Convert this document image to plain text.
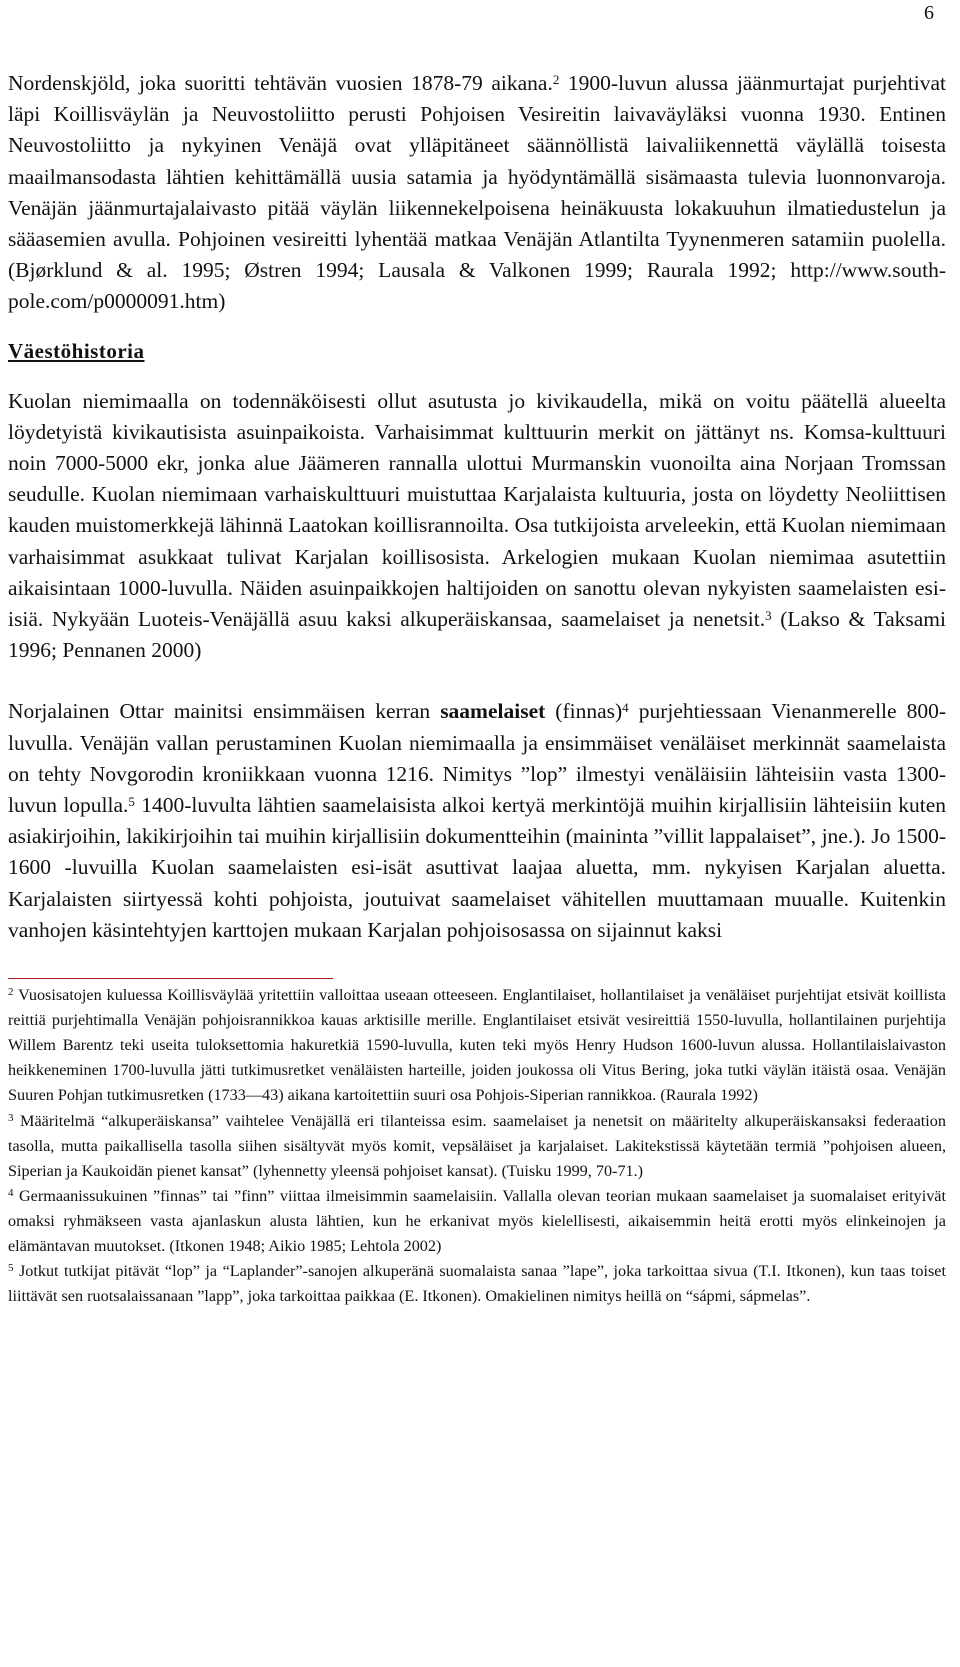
6

Nordenskjöld, joka suoritti tehtävän vuosien 1878-79 aikana.$^2$ 1900-luvun alussa jäänmurtajat purjehtivat läpi Koillisväylän ja Neuvostoliitto perusti Pohjoisen Vesireitin laivaväyläksi vuonna 1930. Entinen Neuvostoliitto ja nykyinen Venäjä ovat ylläpitäneet säännöllistä laivaliikennettä väylällä toisesta maailmansodasta lähtien kehittämällä uusia satamia ja hyödyntämällä sisämaasta tulevia luonnonvaroja. Venäjän jäänmurtajalaivasto pitää väylän liikennekelpoisena heinäkuusta lokakuuhun ilmatiedustelun ja sääasemien avulla. Pohjoinen vesireitti lyhentää matkaa Venäjän Atlantilta Tyynenmeren satamiin puolella. (Bjørklund & al. 1995; Østren 1994; Lausala & Valkonen 1999; Raurala 1992; http://www.south-pole.com/p0000091.htm)

Väestöhistoria

Kuolan niemimaalla on todennäköisesti ollut asutusta jo kivikaudella, mikä on voitu päätellä alueelta löydetyistä kivikautisista asuinpaikoista. Varhaisimmat kulttuurin merkit on jättänyt ns. Komsa-kulttuuri noin 7000-5000 ekr, jonka alue Jäämeren rannalla ulottui Murmanskin vuonoilta aina Norjaan Tromssan seudulle. Kuolan niemimaan varhaiskulttuuri muistuttaa Karjalaista kultuuria, josta on löydetty Neoliittisen kauden muistomerkkejä lähinnä Laatokan koillisrannoilta. Osa tutkijoista arveleekin, että Kuolan niemimaan varhaisimmat asukkaat tulivat Karjalan koillisosista. Arkelogien mukaan Kuolan niemimaa asutettiin aikaisintaan 1000-luvulla. Näiden asuinpaikkojen haltijoiden on sanottu olevan nykyisten saamelaisten esi-isiä. Nykyään Luoteis-Venäjällä asuu kaksi alkuperäiskansaa, saamelaiset ja nenetsit.$^3$ (Lakso & Taksami 1996; Pennanen 2000)

Norjalainen Ottar mainitsi ensimmäisen kerran saamelaiset (finnas)$^4$ purjehtiessaan Vienanmerelle 800-luvulla. Venäjän vallan perustaminen Kuolan niemimaalla ja ensimmäiset venäläiset merkinnät saamelaista on tehty Novgorodin kroniikkaan vuonna 1216. Nimitys ”lop” ilmestyi venäläisiin lähteisiin vasta 1300-luvun lopulla.$^5$ 1400-luvulta lähtien saamelaisista alkoi kertyä merkintöjä muihin kirjallisiin lähteisiin kuten asiakirjoihin, lakikirjoihin tai muihin kirjallisiin dokumentteihin (maininta ”villit lappalaiset”, jne.). Jo 1500-1600 -luvuilla Kuolan saamelaisten esi-isät asuttivat laajaa aluetta, mm. nykyisen Karjalan aluetta. Karjalaisten siirtyessä kohti pohjoista, joutuivat saamelaiset vähitellen muuttamaan muualle. Kuitenkin vanhojen käsintehtyjen karttojen mukaan Karjalan pohjoisosassa on sijainnut kaksi

$^2$ Vuosisatojen kuluessa Koillisväylää yritettiin valloittaa useaan otteeseen. Englantilaiset, hollantilaiset ja venäläiset purjehtijat etsivät koillista reittiä purjehtimalla Venäjän pohjoisrannikkoa kauas arktisille merille. Englantilaiset etsivät vesireittiä 1550-luvulla, hollantilainen purjehtija Willem Barentz teki useita tuloksettomia hakuretkiä 1590-luvulla, kuten teki myös Henry Hudson 1600-luvun alussa. Hollantilaislaivaston heikkeneminen 1700-luvulla jätti tutkimusretket venäläisten harteille, joiden joukossa oli Vitus Bering, joka tutki väylän itäistä osaa. Venäjän Suuren Pohjan tutkimusretken (1733—43) aikana kartoitettiin suuri osa Pohjois-Siperian rannikkoa. (Raurala 1992)

$^3$ Määritelmä “alkuperäiskansa” vaihtelee Venäjällä eri tilanteissa esim. saamelaiset ja nenetsit on määritelty alkuperäiskansaksi federaation tasolla, mutta paikallisella tasolla siihen sisältyvät myös komit, vepsäläiset ja karjalaiset. Lakitekstissä käytetään termiä ”pohjoisen alueen, Siperian ja Kaukoidän pienet kansat” (lyhennetty yleensä pohjoiset kansat). (Tuisku 1999, 70-71.)

$^4$ Germaanissukuinen ”finnas” tai ”finn” viittaa ilmeisimmin saamelaisiin. Vallalla olevan teorian mukaan saamelaiset ja suomalaiset erityivät omaksi ryhmäkseen vasta ajanlaskun alusta lähtien, kun he erkanivat myös kielellisesti, aikaisemmin heitä erotti myös elinkeinojen ja elämäntavan muutokset. (Itkonen 1948; Aikio 1985; Lehtola 2002)

$^5$ Jotkut tutkijat pitävät “lop” ja “Laplander”-sanojen alkuperänä suomalaista sanaa ”lape”, joka tarkoittaa sivua (T.I. Itkonen), kun taas toiset liittävät sen ruotsalaissanaan ”lapp”, joka tarkoittaa paikkaa (E. Itkonen). Omakielinen nimitys heillä on “sápmi, sápmelas”.
